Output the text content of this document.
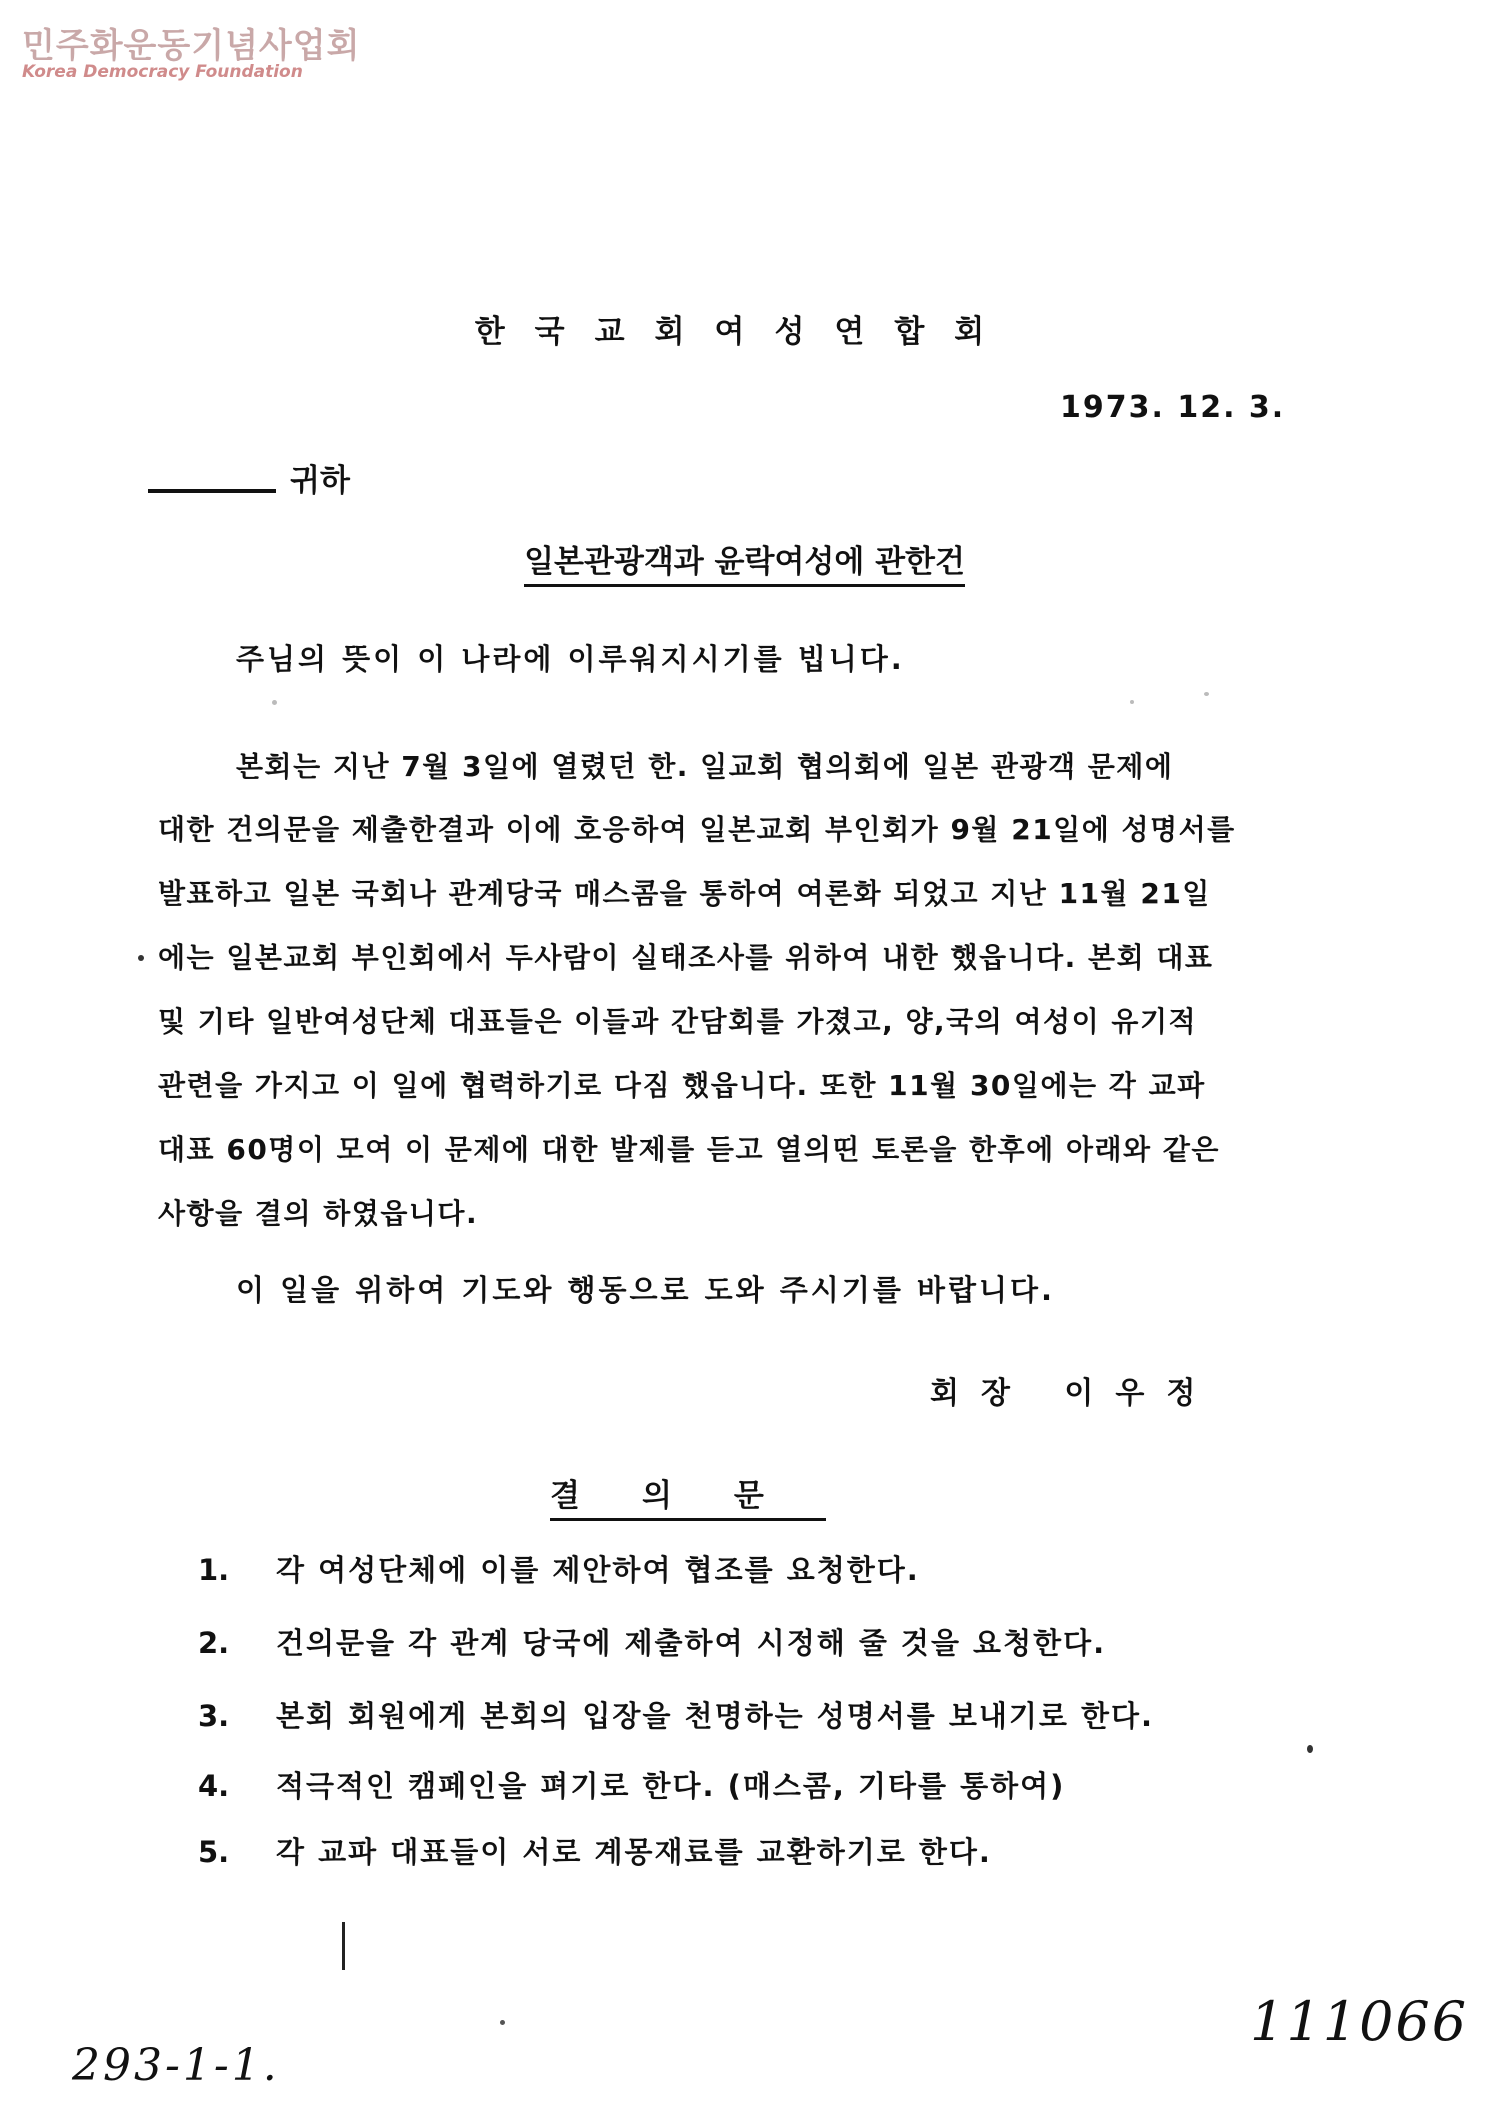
민주화운동기념사업회
Korea Democracy Foundation
한국교회여성연합회
1973. 12. 3.
귀하
일본관광객과 윤락여성에 관한건
주님의 뜻이 이 나라에 이루워지시기를 빕니다.
본회는 지난 7월 3일에 열렸던 한. 일교회 협의회에 일본 관광객 문제에
대한 건의문을 제출한결과 이에 호응하여 일본교회 부인회가 9월 21일에 성명서를
발표하고 일본 국회나 관계당국 매스콤을 통하여 여론화 되었고 지난 11월 21일
에는 일본교회 부인회에서 두사람이 실태조사를 위하여 내한 했읍니다. 본회 대표
및 기타 일반여성단체 대표들은 이들과 간담회를 가졌고, 양,국의 여성이 유기적
관련을 가지고 이 일에 협력하기로 다짐 했읍니다. 또한 11월 30일에는 각 교파
대표 60명이 모여 이 문제에 대한 발제를 듣고 열의띤 토론을 한후에 아래와 같은
사항을 결의 하였읍니다.
이 일을 위하여 기도와 행동으로 도와 주시기를 바랍니다.
회장 이우정
결의문
1. 각 여성단체에 이를 제안하여 협조를 요청한다.
2. 건의문을 각 관계 당국에 제출하여 시정해 줄 것을 요청한다.
3. 본회 회원에게 본회의 입장을 천명하는 성명서를 보내기로 한다.
4. 적극적인 캠페인을 펴기로 한다. (매스콤, 기타를 통하여)
5. 각 교파 대표들이 서로 계몽재료를 교환하기로 한다.
111066
293-1-1.
